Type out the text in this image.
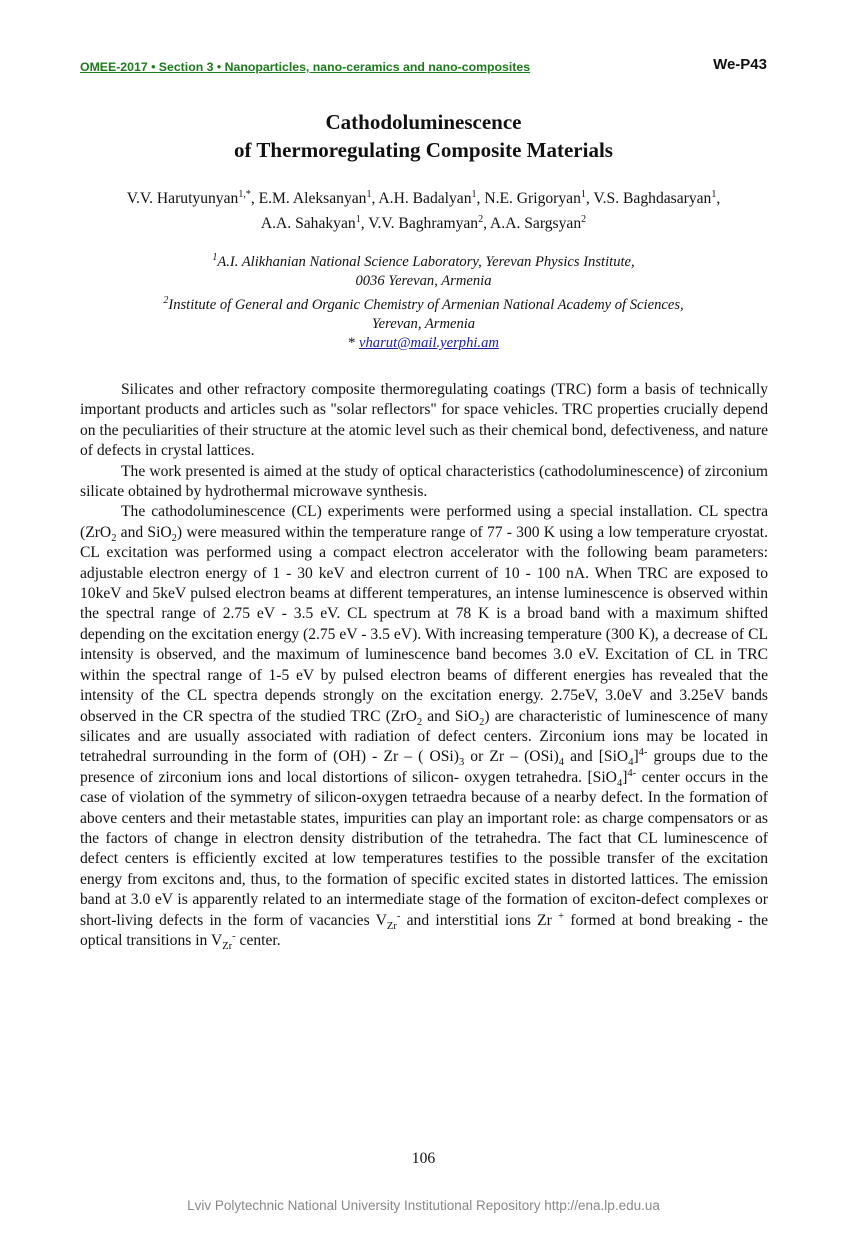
OMEE-2017 • Section 3 • Nanoparticles, nano-ceramics and nano-composites	We-P43
Cathodoluminescence
of Thermoregulating Composite Materials
V.V. Harutyunyan$^{1,*}$, E.M. Aleksanyan$^1$, A.H. Badalyan$^1$, N.E. Grigoryan$^1$, V.S. Baghdasaryan$^1$,
A.A. Sahakyan$^1$, V.V. Baghramyan$^2$, A.A. Sargsyan$^2$
$^1$A.I. Alikhanian National Science Laboratory, Yerevan Physics Institute,
0036 Yerevan, Armenia
$^2$Institute of General and Organic Chemistry of Armenian National Academy of Sciences,
Yerevan, Armenia
* vharut@mail.yerphi.am

Silicates and other refractory composite thermoregulating coatings (TRC) form a basis of technically important products and articles such as "solar reflectors" for space vehicles. TRC properties crucially depend on the peculiarities of their structure at the atomic level such as their chemical bond, defectiveness, and nature of defects in crystal lattices.

The work presented is aimed at the study of optical characteristics (cathodoluminescence) of zirconium silicate obtained by hydrothermal microwave synthesis.

The cathodoluminescence (CL) experiments were performed using a special installation. CL spectra (ZrO$_2$ and SiO$_2$) were measured within the temperature range of 77 - 300 K using a low temperature cryostat. CL excitation was performed using a compact electron accelerator with the following beam parameters: adjustable electron energy of 1 - 30 keV and electron current of 10 - 100 nA. When TRC are exposed to 10keV and 5keV pulsed electron beams at different temperatures, an intense luminescence is observed within the spectral range of 2.75 eV - 3.5 eV. CL spectrum at 78 K is a broad band with a maximum shifted depending on the excitation energy (2.75 eV - 3.5 eV). With increasing temperature (300 K), a decrease of CL intensity is observed, and the maximum of luminescence band becomes 3.0 eV. Excitation of CL in TRC within the spectral range of 1-5 eV by pulsed electron beams of different energies has revealed that the intensity of the CL spectra depends strongly on the excitation energy. 2.75eV, 3.0eV and 3.25eV bands observed in the CR spectra of the studied TRC (ZrO$_2$ and SiO$_2$) are characteristic of luminescence of many silicates and are usually associated with radiation of defect centers. Zirconium ions may be located in tetrahedral surrounding in the form of (OH) - Zr – ( $OSi)_3$ or Zr – $(OSi)_4$ and $[SiO_4]^{4-}$ groups due to the presence of zirconium ions and local distortions of silicon- oxygen tetrahedra. $[SiO_4]^{4-}$ center occurs in the case of violation of the symmetry of silicon-oxygen tetraedra because of a nearby defect. In the formation of above centers and their metastable states, impurities can play an important role: as charge compensators or as the factors of change in electron density distribution of the tetrahedra. The fact that CL luminescence of defect centers is efficiently excited at low temperatures testifies to the possible transfer of the excitation energy from excitons and, thus, to the formation of specific excited states in distorted lattices. The emission band at 3.0 eV is apparently related to an intermediate stage of the formation of exciton-defect complexes or short-living defects in the form of vacancies $V_{Zr}^-$ and interstitial ions Zr + formed at bond breaking - the optical transitions in $V_{Zr}^-$ center.

106
Lviv Polytechnic National University Institutional Repository http://ena.lp.edu.ua
